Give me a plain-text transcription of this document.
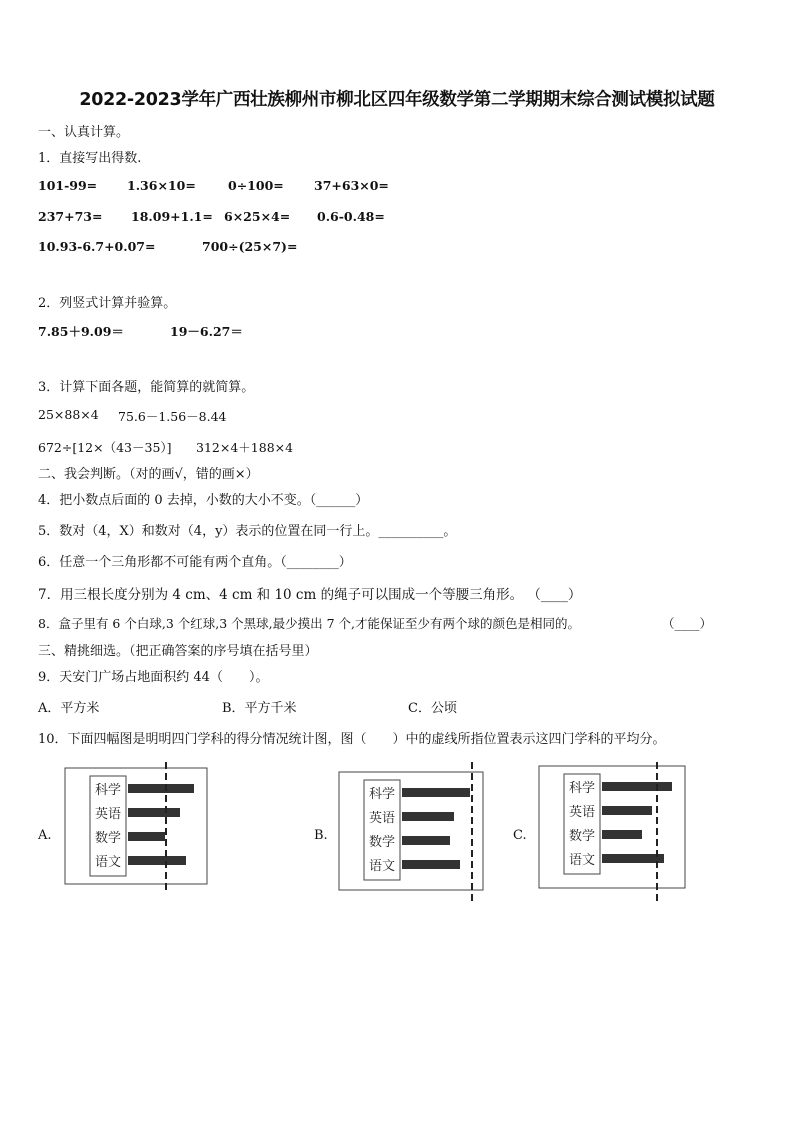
2022-2023学年广西壮族柳州市柳北区四年级数学第二学期期末综合测试模拟试题
一、认真计算。
1．直接写出得数.
101-99= 1.36×10=	0÷100= 37+63×0=
237+73= 18.09+1.1= 6×25×4= 0.6-0.48=
10.93-6.7+0.07=	700÷(25×7)=
2．列竖式计算并验算。
7.85＋9.09＝	19－6.27＝
3．计算下面各题，能简算的就简算。
25×88×4 75.6－1.56－8.44
672÷[12×（43－35）] 312×4＋188×4
二、我会判断。（对的画√，错的画×）
4．把小数点后面的 0 去掉，小数的大小不变。（______）
5．数对（4，X）和数对（4，y）表示的位置在同一行上。__________。
6．任意一个三角形都不可能有两个直角。（________）
7．用三根长度分别为 4 cm、4 cm 和 10 cm 的绳子可以围成一个等腰三角形。 （____）
8．盒子里有 6 个白球,3 个红球,3 个黑球,最少摸出 7 个,才能保证至少有两个球的颜色是相同的。	（____）
三、精挑细选。（把正确答案的序号填在括号里）
9．天安门广场占地面积约 44（　　）。
A．平方米	B．平方千米	C．公顷
10．下面四幅图是明明四门学科的得分情况统计图，图（　　）中的虚线所指位置表示这四门学科的平均分。
A.	B.	C.
科学
英语
数学
语文
科学
英语
数学
语文
科学
英语
数学
语文
